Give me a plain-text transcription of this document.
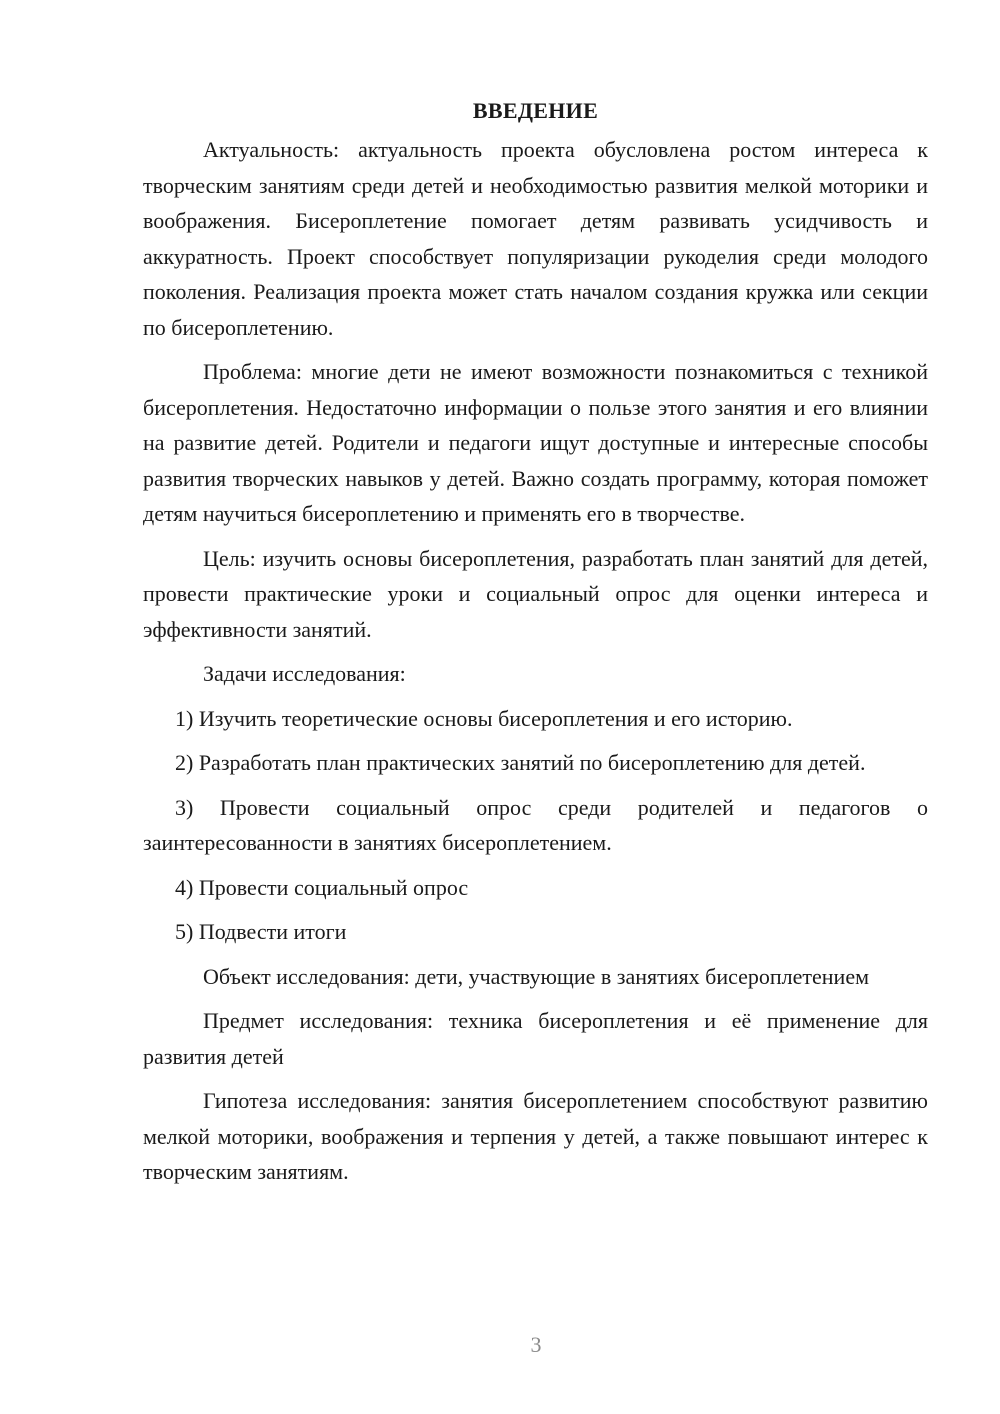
ВВЕДЕНИЕ

Актуальность: актуальность проекта обусловлена ростом интереса к творческим занятиям среди детей и необходимостью развития мелкой моторики и воображения. Бисероплетение помогает детям развивать усидчивость и аккуратность. Проект способствует популяризации рукоделия среди молодого поколения. Реализация проекта может стать началом создания кружка или секции по бисероплетению.

Проблема: многие дети не имеют возможности познакомиться с техникой бисероплетения. Недостаточно информации о пользе этого занятия и его влиянии на развитие детей. Родители и педагоги ищут доступные и интересные способы развития творческих навыков у детей. Важно создать программу, которая поможет детям научиться бисероплетению и применять его в творчестве.

Цель: изучить основы бисероплетения, разработать план занятий для детей, провести практические уроки и социальный опрос для оценки интереса и эффективности занятий.

Задачи исследования:

1) Изучить теоретические основы бисероплетения и его историю.

2) Разработать план практических занятий по бисероплетению для детей.

3) Провести социальный опрос среди родителей и педагогов о заинтересованности в занятиях бисероплетением.

4) Провести социальный опрос

5) Подвести итоги

Объект исследования: дети, участвующие в занятиях бисероплетением

Предмет исследования: техника бисероплетения и её применение для развития детей

Гипотеза исследования: занятия бисероплетением способствуют развитию мелкой моторики, воображения и терпения у детей, а также повышают интерес к творческим занятиям.

3
